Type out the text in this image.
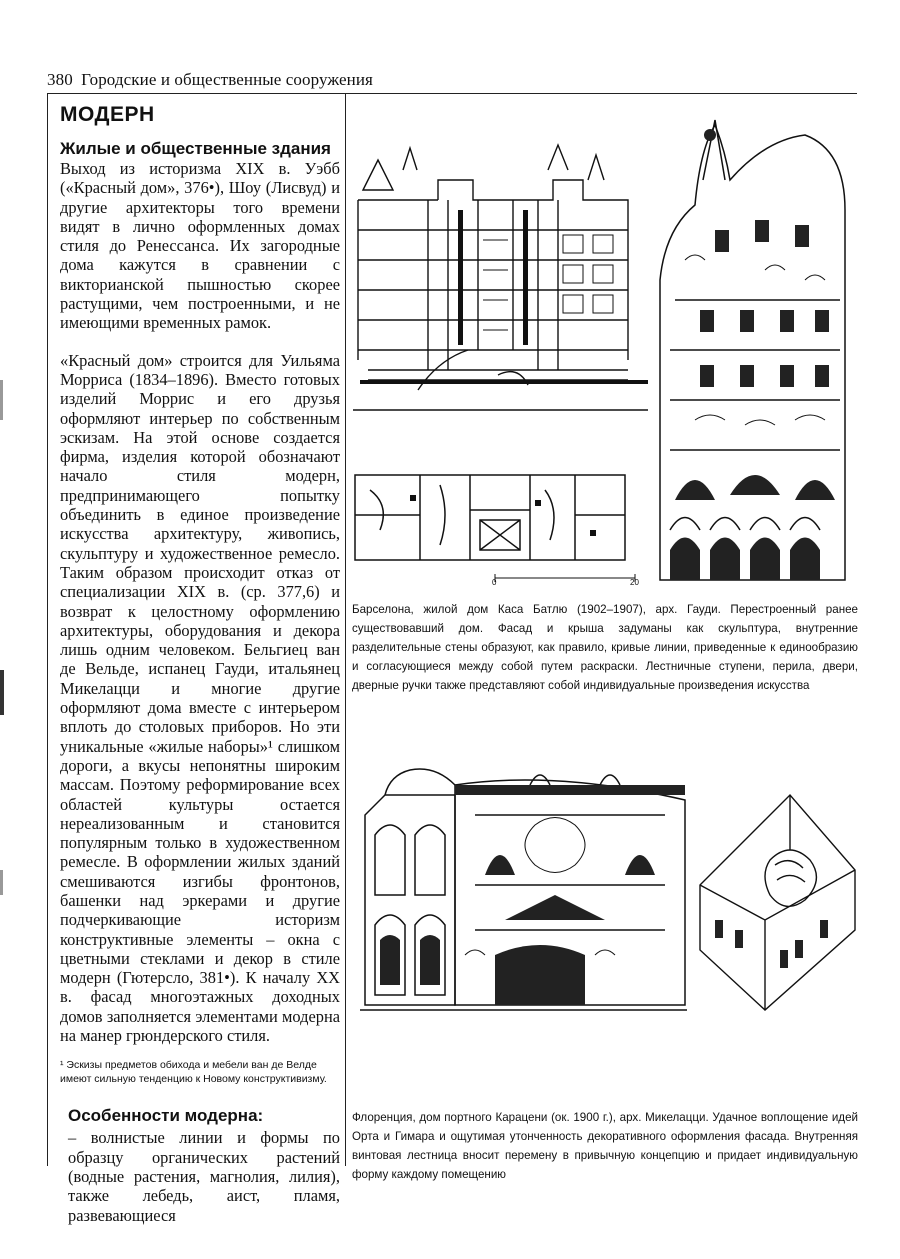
380 Городские и общественные сооружения
МОДЕРН
Жилые и общественные здания

Выход из историзма XIX в. Уэбб («Красный дом», 376•), Шоу (Лисвуд) и другие архитекторы того времени видят в лично оформленных домах стиля до Ренессанса. Их загородные дома кажутся в сравнении с викторианской пышностью скорее растущими, чем построенными, и не имеющими временных рамок.

«Красный дом» строится для Уильяма Морриса (1834–1896). Вместо готовых изделий Моррис и его друзья оформляют интерьер по собственным эскизам. На этой основе создается фирма, изделия которой обозначают начало стиля модерн, предпринимающего попытку объединить в единое произведение искусства архитектуру, живопись, скульптуру и художественное ремесло. Таким образом происходит отказ от специализации XIX в. (ср. 377,6) и возврат к целостному оформлению архитектуры, оборудования и декора лишь одним человеком. Бельгиец ван де Вельде, испанец Гауди, итальянец Микелацци и многие другие оформляют дома вместе с интерьером вплоть до столовых приборов. Но эти уникальные «жилые наборы»¹ слишком дороги, а вкусы непонятны широким массам. Поэтому реформирование всех областей культуры остается нереализованным и становится популярным только в художественном ремесле. В оформлении жилых зданий смешиваются изгибы фронтонов, башенки над эркерами и другие подчеркивающие историзм конструктивные элементы – окна с цветными стеклами и декор в стиле модерн (Гютерсло, 381•). К началу XX в. фасад многоэтажных доходных домов заполняется элементами модерна на манер грюндерского стиля.

¹ Эскизы предметов обихода и мебели ван де Велде имеют сильную тенденцию к Новому конструктивизму.
Особенности модерна:

– волнистые линии и формы по образцу органических растений (водные растения, магнолия, лилия), также лебедь, аист, пламя, развевающиеся

0	20
Барселона, жилой дом Каса Батлю (1902–1907), арх. Гауди. Перестроенный ранее существовавший дом. Фасад и крыша задуманы как скульптура, внутренние разделительные стены образуют, как правило, кривые линии, приведенные к единообразию и согласующиеся между собой путем раскраски. Лестничные ступени, перила, двери, дверные ручки также представляют собой индивидуальные произведения искусства
Флоренция, дом портного Карацени (ок. 1900 г.), арх. Микелацци. Удачное воплощение идей Орта и Гимара и ощутимая утонченность декоративного оформления фасада. Внутренняя винтовая лестница вносит перемену в привычную концепцию и придает индивидуальную форму каждому помещению
